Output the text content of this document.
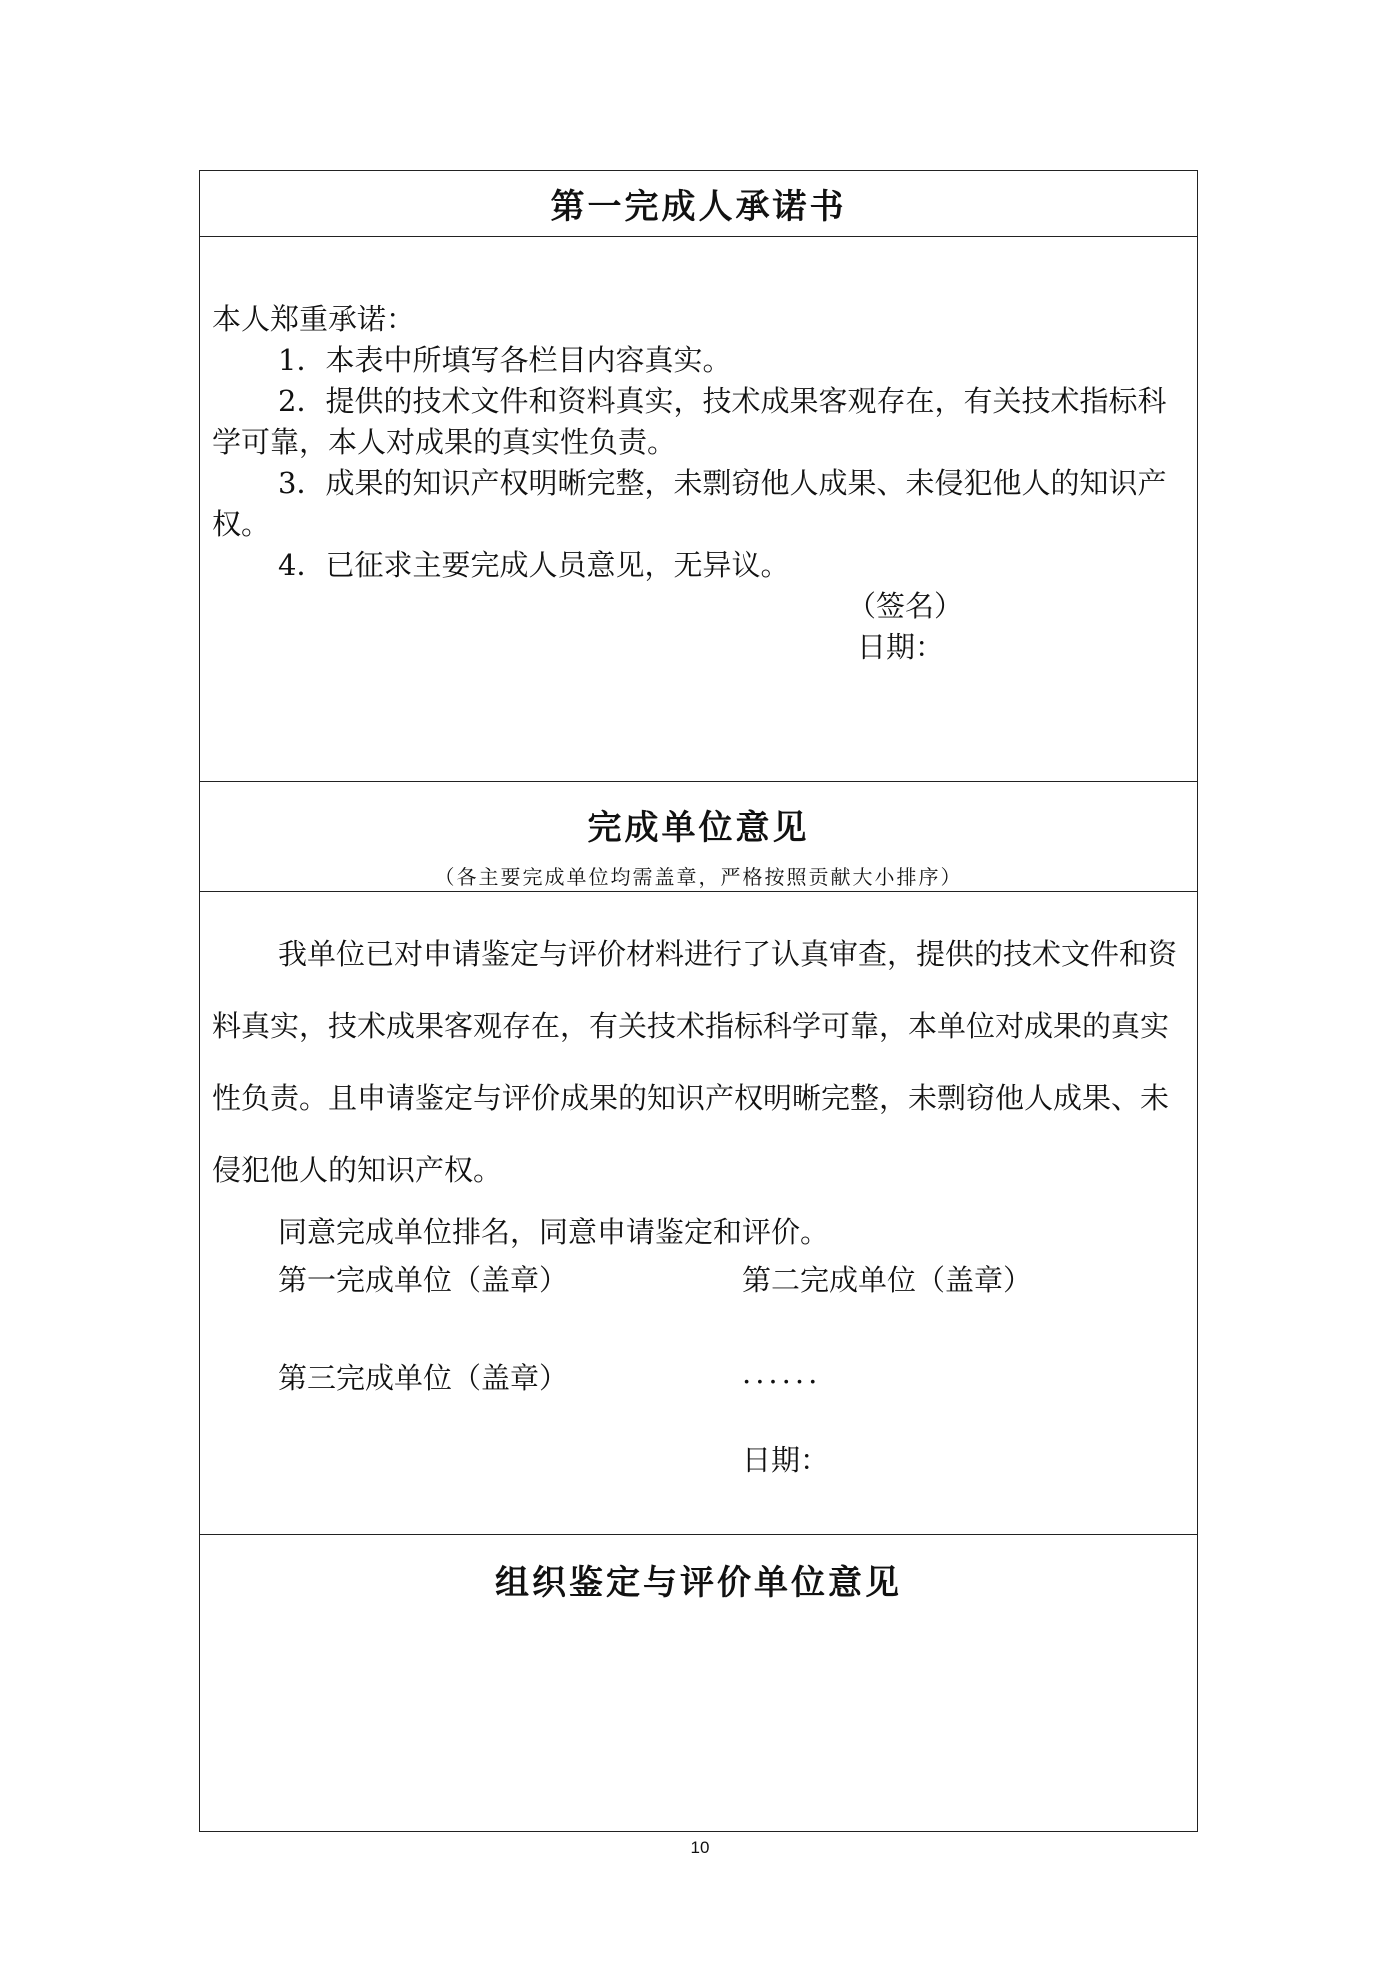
第一完成人承诺书

本人郑重承诺：

1．本表中所填写各栏目内容真实。

2．提供的技术文件和资料真实，技术成果客观存在，有关技术指标科学可靠，本人对成果的真实性负责。

3．成果的知识产权明晰完整，未剽窃他人成果、未侵犯他人的知识产权。

4．已征求主要完成人员意见，无异议。

（签名）

日期：

完成单位意见
（各主要完成单位均需盖章，严格按照贡献大小排序）

我单位已对申请鉴定与评价材料进行了认真审查，提供的技术文件和资料真实，技术成果客观存在，有关技术指标科学可靠，本单位对成果的真实性负责。且申请鉴定与评价成果的知识产权明晰完整，未剽窃他人成果、未侵犯他人的知识产权。

同意完成单位排名，同意申请鉴定和评价。

第一完成单位（盖章）	第二完成单位（盖章）
第三完成单位（盖章）	......
日期：
组织鉴定与评价单位意见
10
